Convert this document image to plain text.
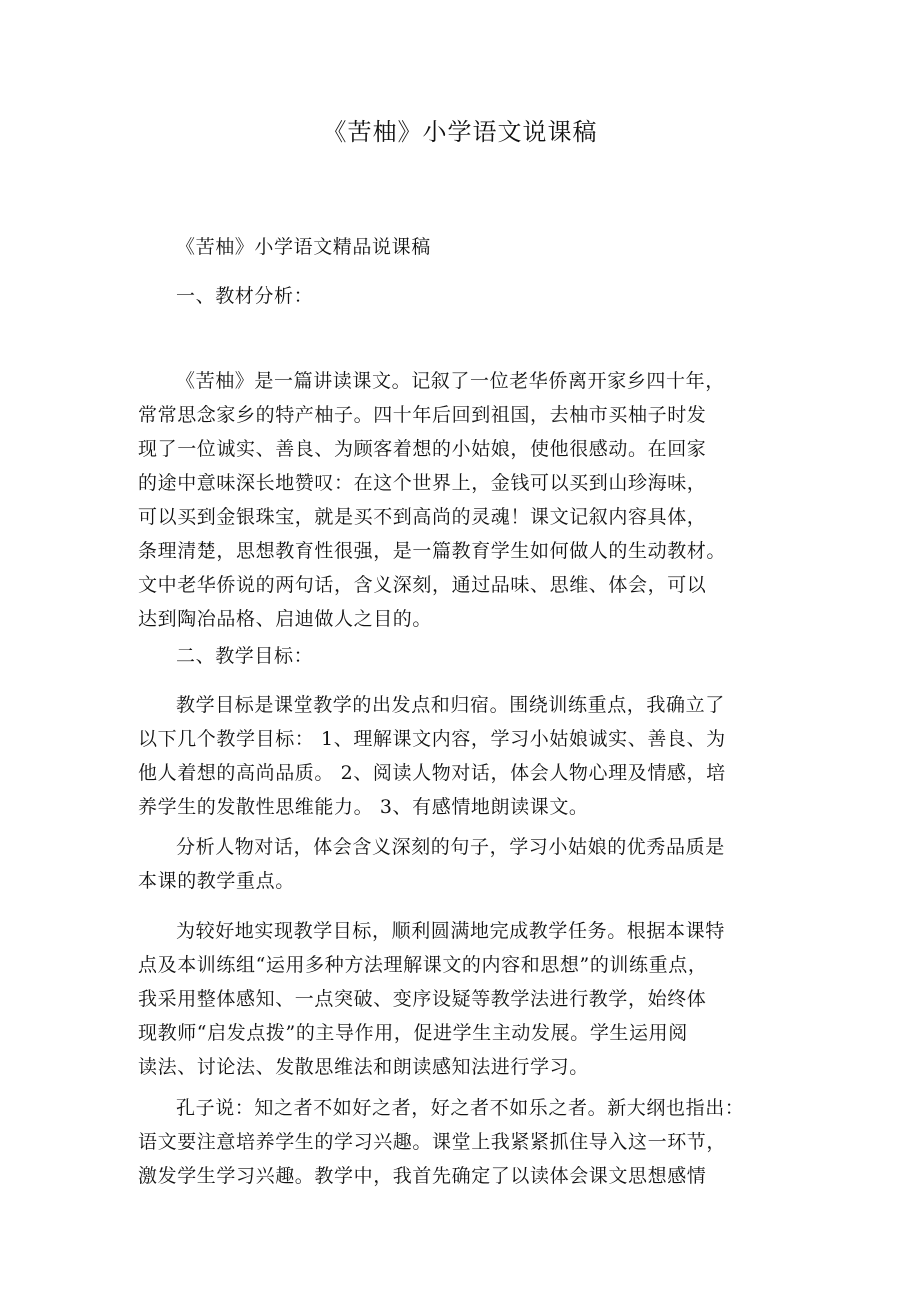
《苦柚》小学语文说课稿
《苦柚》小学语文精品说课稿
一、教材分析：
《苦柚》是一篇讲读课文。记叙了一位老华侨离开家乡四十年，
常常思念家乡的特产柚子。四十年后回到祖国，去柚市买柚子时发
现了一位诚实、善良、为顾客着想的小姑娘，使他很感动。在回家
的途中意味深长地赞叹：在这个世界上，金钱可以买到山珍海味，
可以买到金银珠宝，就是买不到高尚的灵魂！课文记叙内容具体，
条理清楚，思想教育性很强，是一篇教育学生如何做人的生动教材。
文中老华侨说的两句话，含义深刻，通过品味、思维、体会，可以
达到陶冶品格、启迪做人之目的。
二、教学目标：
教学目标是课堂教学的出发点和归宿。围绕训练重点，我确立了
以下几个教学目标： 1、理解课文内容，学习小姑娘诚实、善良、为
他人着想的高尚品质。 2、阅读人物对话，体会人物心理及情感，培
养学生的发散性思维能力。 3、有感情地朗读课文。
分析人物对话，体会含义深刻的句子，学习小姑娘的优秀品质是
本课的教学重点。
为较好地实现教学目标，顺利圆满地完成教学任务。根据本课特
点及本训练组“运用多种方法理解课文的内容和思想”的训练重点，
我采用整体感知、一点突破、变序设疑等教学法进行教学，始终体
现教师“启发点拨”的主导作用，促进学生主动发展。学生运用阅
读法、讨论法、发散思维法和朗读感知法进行学习。
孔子说：知之者不如好之者，好之者不如乐之者。新大纲也指出：
语文要注意培养学生的学习兴趣。课堂上我紧紧抓住导入这一环节，
激发学生学习兴趣。教学中，我首先确定了以读体会课文思想感情
